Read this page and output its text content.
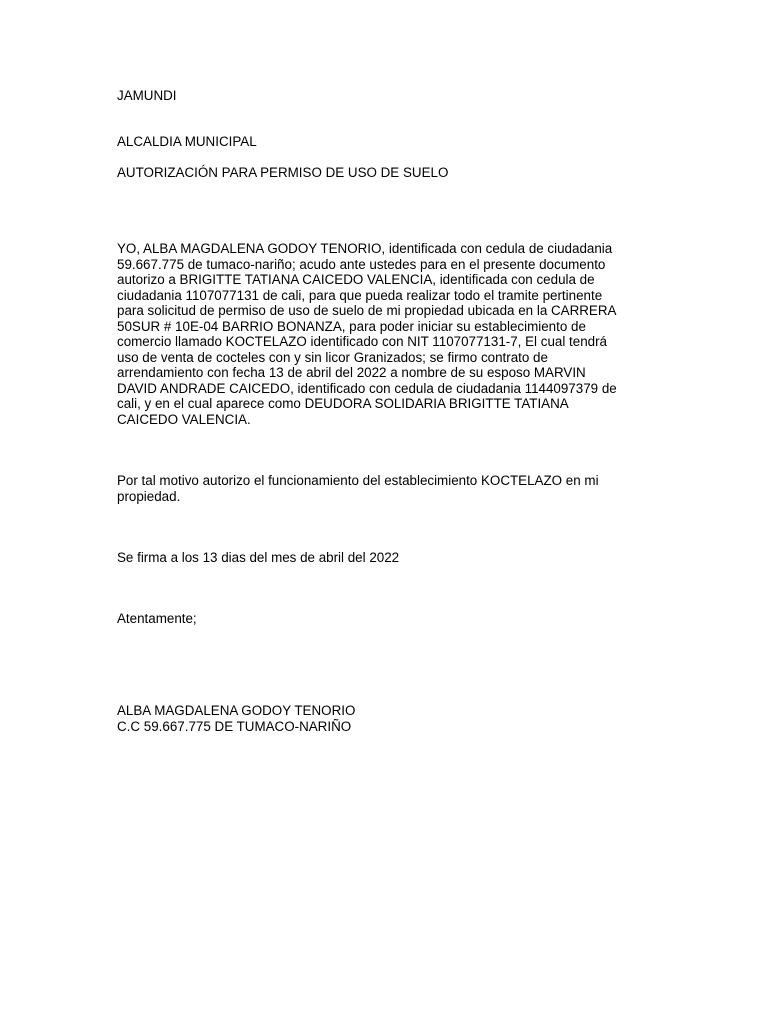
JAMUNDI
ALCALDIA MUNICIPAL
AUTORIZACIÓN PARA PERMISO DE USO DE SUELO
YO, ALBA MAGDALENA GODOY TENORIO, identificada con cedula de ciudadania
59.667.775 de tumaco-nariño; acudo ante ustedes para en el presente documento
autorizo a BRIGITTE TATIANA CAICEDO VALENCIA, identificada con cedula de
ciudadania 1107077131 de cali, para que pueda realizar todo el tramite pertinente
para solicitud de permiso de uso de suelo de mi propiedad ubicada en la CARRERA
50SUR # 10E-04 BARRIO BONANZA, para poder iniciar su establecimiento de
comercio llamado KOCTELAZO identificado con NIT 1107077131-7, El cual tendrá
uso de venta de cocteles con y sin licor Granizados; se firmo contrato de
arrendamiento con fecha 13 de abril del 2022 a nombre de su esposo MARVIN
DAVID ANDRADE CAICEDO, identificado con cedula de ciudadania 1144097379 de
cali, y en el cual aparece como DEUDORA SOLIDARIA BRIGITTE TATIANA
CAICEDO VALENCIA.
Por tal motivo autorizo el funcionamiento del establecimiento KOCTELAZO en mi
propiedad.
Se firma a los 13 dias del mes de abril del 2022
Atentamente;
ALBA MAGDALENA GODOY TENORIO
C.C 59.667.775 DE TUMACO-NARIÑO
